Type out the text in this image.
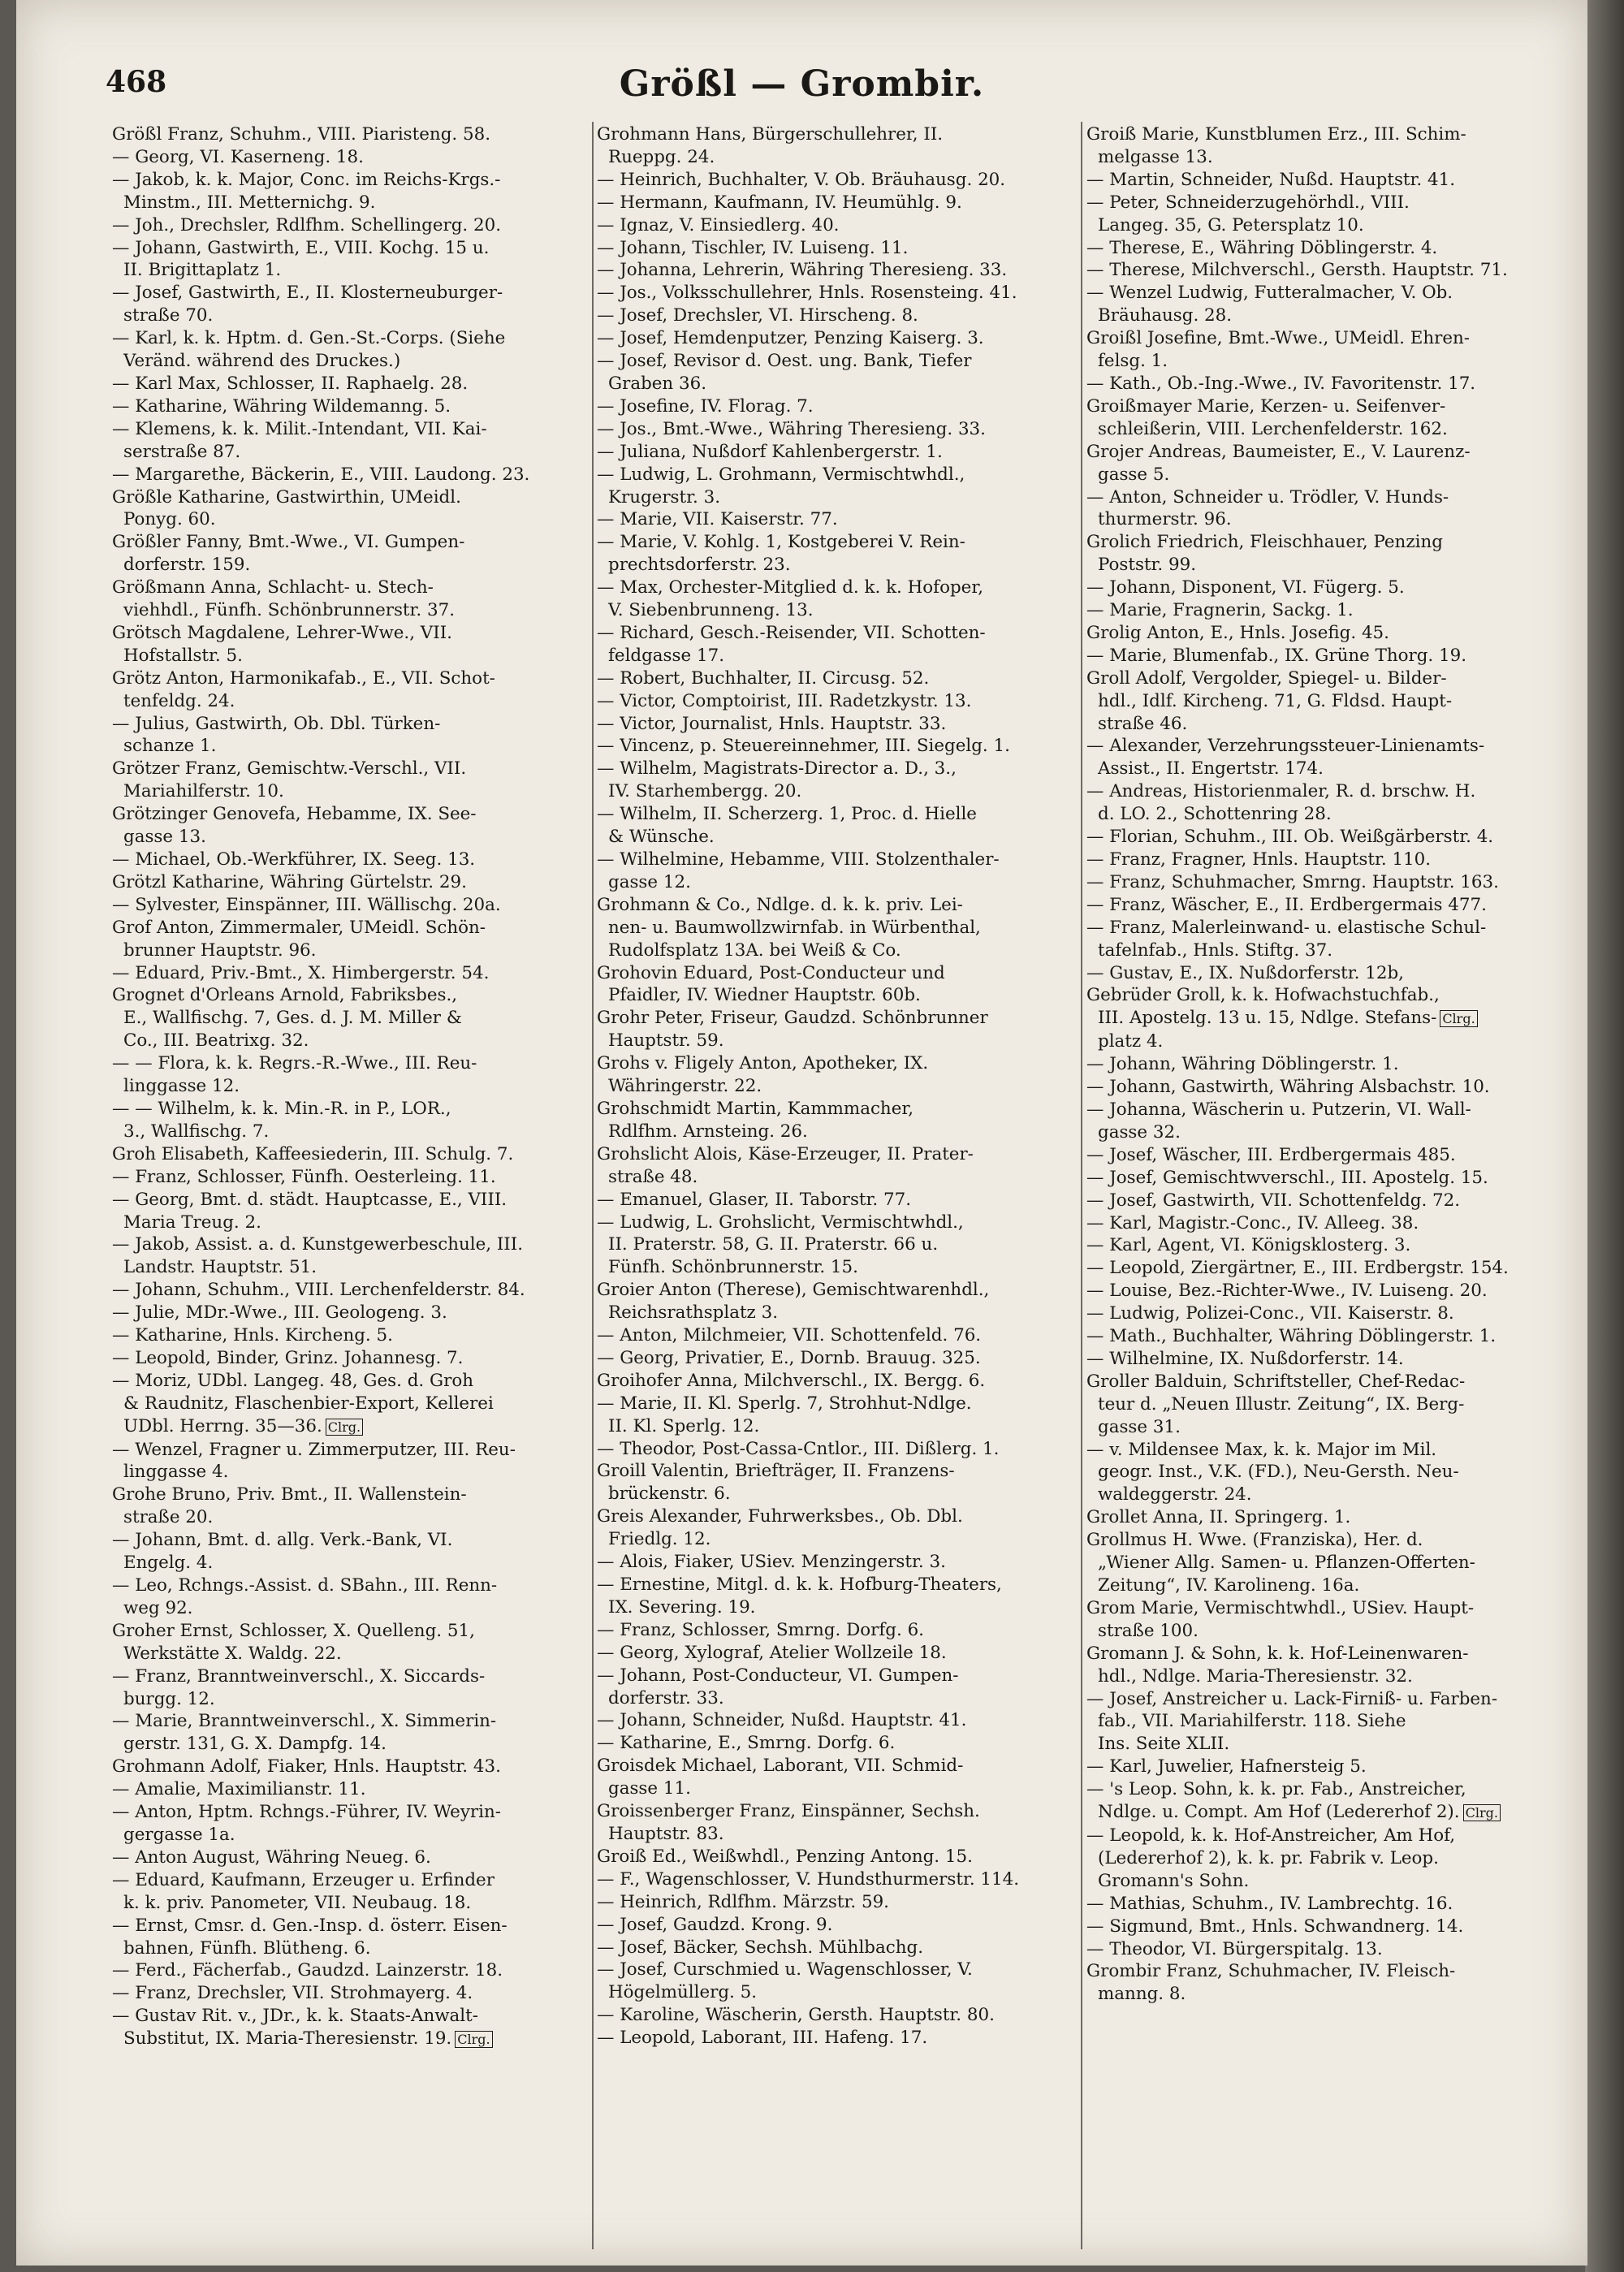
468	Größl — Grombir.
Größl Franz, Schuhm., VIII. Piaristeng. 58.
— Georg, VI. Kaserneng. 18.
— Jakob, k. k. Major, Conc. im Reichs-Krgs.-
Minstm., III. Metternichg. 9.
— Joh., Drechsler, Rdlfhm. Schellingerg. 20.
— Johann, Gastwirth, E., VIII. Kochg. 15 u.
II. Brigittaplatz 1.
— Josef, Gastwirth, E., II. Klosterneuburger-
straße 70.
— Karl, k. k. Hptm. d. Gen.-St.-Corps. (Siehe
Veränd. während des Druckes.)
— Karl Max, Schlosser, II. Raphaelg. 28.
— Katharine, Währing Wildemanng. 5.
— Klemens, k. k. Milit.-Intendant, VII. Kai-
serstraße 87.
— Margarethe, Bäckerin, E., VIII. Laudong. 23.
Größle Katharine, Gastwirthin, UMeidl.
Ponyg. 60.
Größler Fanny, Bmt.-Wwe., VI. Gumpen-
dorferstr. 159.
Größmann Anna, Schlacht- u. Stech-
viehhdl., Fünfh. Schönbrunnerstr. 37.
Grötsch Magdalene, Lehrer-Wwe., VII.
Hofstallstr. 5.
Grötz Anton, Harmonikafab., E., VII. Schot-
tenfeldg. 24.
— Julius, Gastwirth, Ob. Dbl. Türken-
schanze 1.
Grötzer Franz, Gemischtw.-Verschl., VII.
Mariahilferstr. 10.
Grötzinger Genovefa, Hebamme, IX. See-
gasse 13.
— Michael, Ob.-Werkführer, IX. Seeg. 13.
Grötzl Katharine, Währing Gürtelstr. 29.
— Sylvester, Einspänner, III. Wällischg. 20a.
Grof Anton, Zimmermaler, UMeidl. Schön-
brunner Hauptstr. 96.
— Eduard, Priv.-Bmt., X. Himbergerstr. 54.
Grognet d'Orleans Arnold, Fabriksbes.,
E., Wallfischg. 7, Ges. d. J. M. Miller &
Co., III. Beatrixg. 32.
— — Flora, k. k. Regrs.-R.-Wwe., III. Reu-
linggasse 12.
— — Wilhelm, k. k. Min.-R. in P., LOR.,
3., Wallfischg. 7.
Groh Elisabeth, Kaffeesiederin, III. Schulg. 7.
— Franz, Schlosser, Fünfh. Oesterleing. 11.
— Georg, Bmt. d. städt. Hauptcasse, E., VIII.
Maria Treug. 2.
— Jakob, Assist. a. d. Kunstgewerbeschule, III.
Landstr. Hauptstr. 51.
— Johann, Schuhm., VIII. Lerchenfelderstr. 84.
— Julie, MDr.-Wwe., III. Geologeng. 3.
— Katharine, Hnls. Kircheng. 5.
— Leopold, Binder, Grinz. Johannesg. 7.
— Moriz, UDbl. Langeg. 48, Ges. d. Groh
& Raudnitz, Flaschenbier-Export, Kellerei
UDbl. Herrng. 35—36. Clrg.
— Wenzel, Fragner u. Zimmerputzer, III. Reu-
linggasse 4.
Grohe Bruno, Priv. Bmt., II. Wallenstein-
straße 20.
— Johann, Bmt. d. allg. Verk.-Bank, VI.
Engelg. 4.
— Leo, Rchngs.-Assist. d. SBahn., III. Renn-
weg 92.
Groher Ernst, Schlosser, X. Quelleng. 51,
Werkstätte X. Waldg. 22.
— Franz, Branntweinverschl., X. Siccards-
burgg. 12.
— Marie, Branntweinverschl., X. Simmerin-
gerstr. 131, G. X. Dampfg. 14.
Grohmann Adolf, Fiaker, Hnls. Hauptstr. 43.
— Amalie, Maximilianstr. 11.
— Anton, Hptm. Rchngs.-Führer, IV. Weyrin-
gergasse 1a.
— Anton August, Währing Neueg. 6.
— Eduard, Kaufmann, Erzeuger u. Erfinder
k. k. priv. Panometer, VII. Neubaug. 18.
— Ernst, Cmsr. d. Gen.-Insp. d. österr. Eisen-
bahnen, Fünfh. Blütheng. 6.
— Ferd., Fächerfab., Gaudzd. Lainzerstr. 18.
— Franz, Drechsler, VII. Strohmayerg. 4.
— Gustav Rit. v., JDr., k. k. Staats-Anwalt-
Substitut, IX. Maria-Theresienstr. 19. Clrg.
Grohmann Hans, Bürgerschullehrer, II.
Rueppg. 24.
— Heinrich, Buchhalter, V. Ob. Bräuhausg. 20.
— Hermann, Kaufmann, IV. Heumühlg. 9.
— Ignaz, V. Einsiedlerg. 40.
— Johann, Tischler, IV. Luiseng. 11.
— Johanna, Lehrerin, Währing Theresieng. 33.
— Jos., Volksschullehrer, Hnls. Rosensteing. 41.
— Josef, Drechsler, VI. Hirscheng. 8.
— Josef, Hemdenputzer, Penzing Kaiserg. 3.
— Josef, Revisor d. Oest. ung. Bank, Tiefer
Graben 36.
— Josefine, IV. Florag. 7.
— Jos., Bmt.-Wwe., Währing Theresieng. 33.
— Juliana, Nußdorf Kahlenbergerstr. 1.
— Ludwig, L. Grohmann, Vermischtwhdl.,
Krugerstr. 3.
— Marie, VII. Kaiserstr. 77.
— Marie, V. Kohlg. 1, Kostgeberei V. Rein-
prechtsdorferstr. 23.
— Max, Orchester-Mitglied d. k. k. Hofoper,
V. Siebenbrunneng. 13.
— Richard, Gesch.-Reisender, VII. Schotten-
feldgasse 17.
— Robert, Buchhalter, II. Circusg. 52.
— Victor, Comptoirist, III. Radetzkystr. 13.
— Victor, Journalist, Hnls. Hauptstr. 33.
— Vincenz, p. Steuereinnehmer, III. Siegelg. 1.
— Wilhelm, Magistrats-Director a. D., 3.,
IV. Starhembergg. 20.
— Wilhelm, II. Scherzerg. 1, Proc. d. Hielle
& Wünsche.
— Wilhelmine, Hebamme, VIII. Stolzenthaler-
gasse 12.
Grohmann & Co., Ndlge. d. k. k. priv. Lei-
nen- u. Baumwollzwirnfab. in Würbenthal,
Rudolfsplatz 13A. bei Weiß & Co.
Grohovin Eduard, Post-Conducteur und
Pfaidler, IV. Wiedner Hauptstr. 60b.
Grohr Peter, Friseur, Gaudzd. Schönbrunner
Hauptstr. 59.
Grohs v. Fligely Anton, Apotheker, IX.
Währingerstr. 22.
Grohschmidt Martin, Kammmacher,
Rdlfhm. Arnsteing. 26.
Grohslicht Alois, Käse-Erzeuger, II. Prater-
straße 48.
— Emanuel, Glaser, II. Taborstr. 77.
— Ludwig, L. Grohslicht, Vermischtwhdl.,
II. Praterstr. 58, G. II. Praterstr. 66 u.
Fünfh. Schönbrunnerstr. 15.
Groier Anton (Therese), Gemischtwarenhdl.,
Reichsrathsplatz 3.
— Anton, Milchmeier, VII. Schottenfeld. 76.
— Georg, Privatier, E., Dornb. Brauug. 325.
Groihofer Anna, Milchverschl., IX. Bergg. 6.
— Marie, II. Kl. Sperlg. 7, Strohhut-Ndlge.
II. Kl. Sperlg. 12.
— Theodor, Post-Cassa-Cntlor., III. Dißlerg. 1.
Groill Valentin, Briefträger, II. Franzens-
brückenstr. 6.
Greis Alexander, Fuhrwerksbes., Ob. Dbl.
Friedlg. 12.
— Alois, Fiaker, USiev. Menzingerstr. 3.
— Ernestine, Mitgl. d. k. k. Hofburg-Theaters,
IX. Severing. 19.
— Franz, Schlosser, Smrng. Dorfg. 6.
— Georg, Xylograf, Atelier Wollzeile 18.
— Johann, Post-Conducteur, VI. Gumpen-
dorferstr. 33.
— Johann, Schneider, Nußd. Hauptstr. 41.
— Katharine, E., Smrng. Dorfg. 6.
Groisdek Michael, Laborant, VII. Schmid-
gasse 11.
Groissenberger Franz, Einspänner, Sechsh.
Hauptstr. 83.
Groiß Ed., Weißwhdl., Penzing Antong. 15.
— F., Wagenschlosser, V. Hundsthurmerstr. 114.
— Heinrich, Rdlfhm. Märzstr. 59.
— Josef, Gaudzd. Krong. 9.
— Josef, Bäcker, Sechsh. Mühlbachg.
— Josef, Curschmied u. Wagenschlosser, V.
Högelmüllerg. 5.
— Karoline, Wäscherin, Gersth. Hauptstr. 80.
— Leopold, Laborant, III. Hafeng. 17.
Groiß Marie, Kunstblumen Erz., III. Schim-
melgasse 13.
— Martin, Schneider, Nußd. Hauptstr. 41.
— Peter, Schneiderzugehörhdl., VIII.
Langeg. 35, G. Petersplatz 10.
— Therese, E., Währing Döblingerstr. 4.
— Therese, Milchverschl., Gersth. Hauptstr. 71.
— Wenzel Ludwig, Futteralmacher, V. Ob.
Bräuhausg. 28.
Groißl Josefine, Bmt.-Wwe., UMeidl. Ehren-
felsg. 1.
— Kath., Ob.-Ing.-Wwe., IV. Favoritenstr. 17.
Groißmayer Marie, Kerzen- u. Seifenver-
schleißerin, VIII. Lerchenfelderstr. 162.
Grojer Andreas, Baumeister, E., V. Laurenz-
gasse 5.
— Anton, Schneider u. Trödler, V. Hunds-
thurmerstr. 96.
Grolich Friedrich, Fleischhauer, Penzing
Poststr. 99.
— Johann, Disponent, VI. Fügerg. 5.
— Marie, Fragnerin, Sackg. 1.
Grolig Anton, E., Hnls. Josefig. 45.
— Marie, Blumenfab., IX. Grüne Thorg. 19.
Groll Adolf, Vergolder, Spiegel- u. Bilder-
hdl., Idlf. Kircheng. 71, G. Fldsd. Haupt-
straße 46.
— Alexander, Verzehrungssteuer-Linienamts-
Assist., II. Engertstr. 174.
— Andreas, Historienmaler, R. d. brschw. H.
d. LO. 2., Schottenring 28.
— Florian, Schuhm., III. Ob. Weißgärberstr. 4.
— Franz, Fragner, Hnls. Hauptstr. 110.
— Franz, Schuhmacher, Smrng. Hauptstr. 163.
— Franz, Wäscher, E., II. Erdbergermais 477.
— Franz, Malerleinwand- u. elastische Schul-
tafelnfab., Hnls. Stiftg. 37.
— Gustav, E., IX. Nußdorferstr. 12b,
Gebrüder Groll, k. k. Hofwachstuchfab.,
III. Apostelg. 13 u. 15, Ndlge. Stefans- Clrg.
platz 4.
— Johann, Währing Döblingerstr. 1.
— Johann, Gastwirth, Währing Alsbachstr. 10.
— Johanna, Wäscherin u. Putzerin, VI. Wall-
gasse 32.
— Josef, Wäscher, III. Erdbergermais 485.
— Josef, Gemischtwverschl., III. Apostelg. 15.
— Josef, Gastwirth, VII. Schottenfeldg. 72.
— Karl, Magistr.-Conc., IV. Alleeg. 38.
— Karl, Agent, VI. Königsklosterg. 3.
— Leopold, Ziergärtner, E., III. Erdbergstr. 154.
— Louise, Bez.-Richter-Wwe., IV. Luiseng. 20.
— Ludwig, Polizei-Conc., VII. Kaiserstr. 8.
— Math., Buchhalter, Währing Döblingerstr. 1.
— Wilhelmine, IX. Nußdorferstr. 14.
Groller Balduin, Schriftsteller, Chef-Redac-
teur d. „Neuen Illustr. Zeitung“, IX. Berg-
gasse 31.
— v. Mildensee Max, k. k. Major im Mil.
geogr. Inst., V.K. (FD.), Neu-Gersth. Neu-
waldeggerstr. 24.
Grollet Anna, II. Springerg. 1.
Grollmus H. Wwe. (Franziska), Her. d.
„Wiener Allg. Samen- u. Pflanzen-Offerten-
Zeitung“, IV. Karolineng. 16a.
Grom Marie, Vermischtwhdl., USiev. Haupt-
straße 100.
Gromann J. & Sohn, k. k. Hof-Leinenwaren-
hdl., Ndlge. Maria-Theresienstr. 32.
— Josef, Anstreicher u. Lack-Firniß- u. Farben-
fab., VII. Mariahilferstr. 118. Siehe
Ins. Seite XLII.
— Karl, Juwelier, Hafnersteig 5.
— 's Leop. Sohn, k. k. pr. Fab., Anstreicher,
Ndlge. u. Compt. Am Hof (Ledererhof 2). Clrg.
— Leopold, k. k. Hof-Anstreicher, Am Hof,
(Ledererhof 2), k. k. pr. Fabrik v. Leop.
Gromann's Sohn.
— Mathias, Schuhm., IV. Lambrechtg. 16.
— Sigmund, Bmt., Hnls. Schwandnerg. 14.
— Theodor, VI. Bürgerspitalg. 13.
Grombir Franz, Schuhmacher, IV. Fleisch-
manng. 8.
